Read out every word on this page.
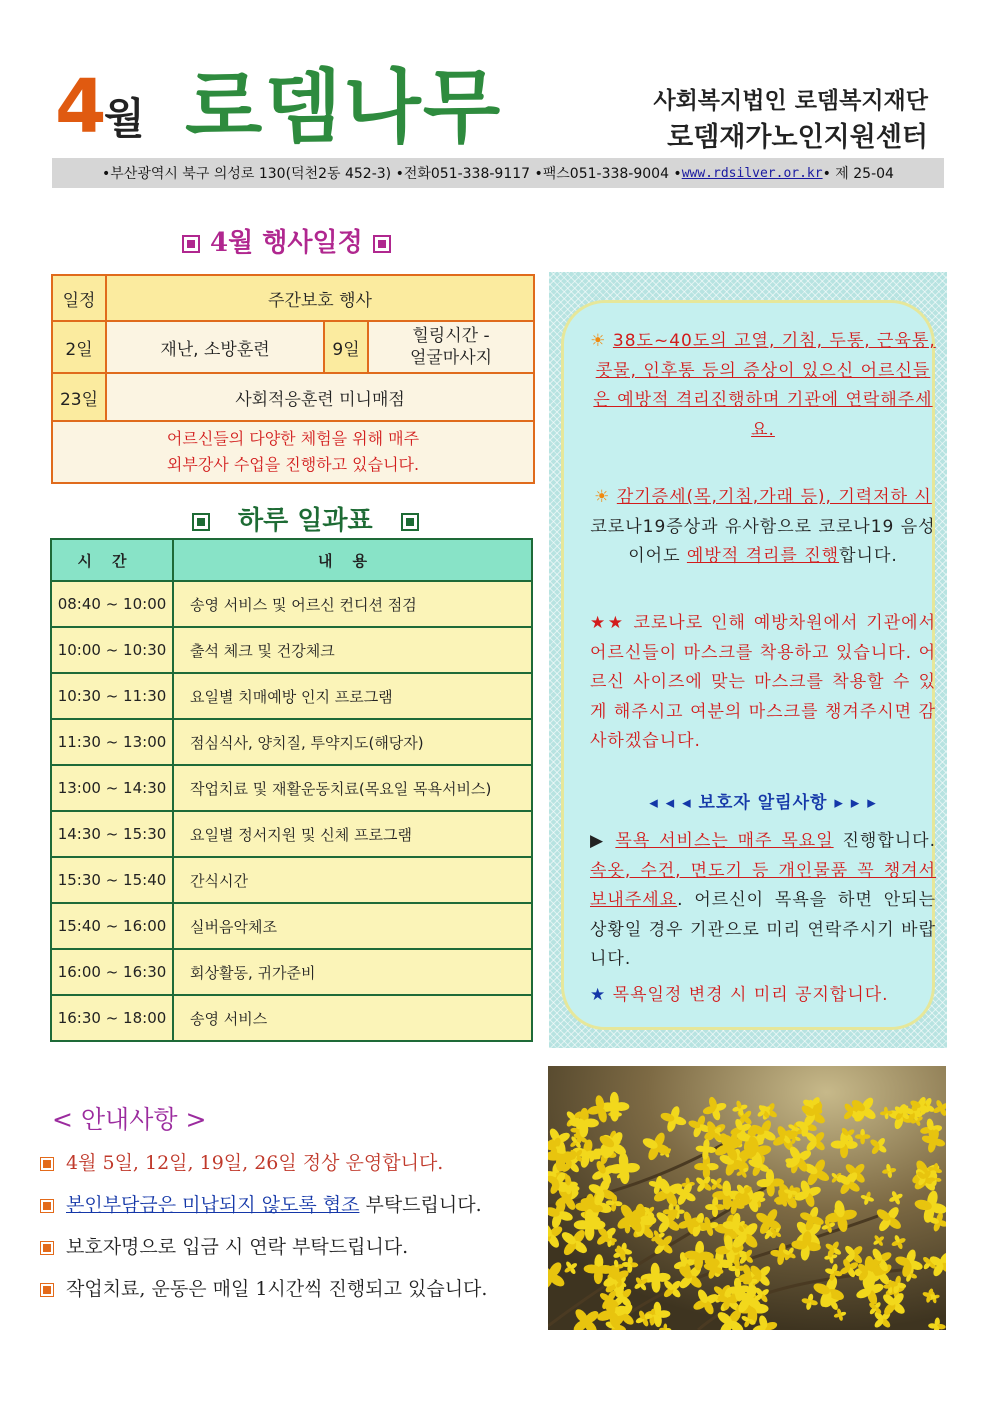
4
월 로뎀나무	사회복지법인 로뎀복지재단
로뎀재가노인지원센터
•부산광역시 북구 의성로 130(덕천2동 452-3) •전화051-338-9117 •팩스051-338-9004 • www.rdsilver.or.kr • 제 25-04
4월 행사일정
일정	주간보호 행사		
2일	재난, 소방훈련	9일	힐링시간 -
얼굴마사지

23일	사회적응훈련 미니매점		

어르신들의 다양한 체험을 위해 매주
외부강사 수업을 진행하고 있습니다.			
하루 일과표
시간	내용
08:40 ~ 10:00	송영 서비스 및 어르신 컨디션 점검
10:00 ~ 10:30	출석 체크 및 건강체크
10:30 ~ 11:30	요일별 치매예방 인지 프로그램
11:30 ~ 13:00	점심식사, 양치질, 투약지도(해당자)
13:00 ~ 14:30	작업치료 및 재활운동치료(목요일 목욕서비스)
14:30 ~ 15:30	요일별 정서지원 및 신체 프로그램
15:30 ~ 15:40	간식시간
15:40 ~ 16:00	실버음악체조
16:00 ~ 16:30	회상활동, 귀가준비
16:30 ~ 18:00	송영 서비스
☀ 38도~40도의 고열, 기침, 두통, 근육통, 콧물, 인후통 등의 증상이 있으신 어르신들은 예방적 격리진행하며 기관에 연락해주세요.
☀ 감기증세(목,기침,가래 등), 기력저하 시 코로나19증상과 유사함으로 코로나19 음성이어도 예방적 격리를 진행합니다.
★★ 코로나로 인해 예방차원에서 기관에서 어르신들이 마스크를 착용하고 있습니다. 어르신 사이즈에 맞는 마스크를 착용할 수 있게 해주시고 여분의 마스크를 챙겨주시면 감사하겠습니다.
◂ ◂ ◂ 보호자 알림사항 ▸ ▸ ▸
▶ 목욕 서비스는 매주 목요일 진행합니다. 속옷, 수건, 면도기 등 개인물품 꼭 챙겨서 보내주세요. 어르신이 목욕을 하면 안되는 상황일 경우 기관으로 미리 연락주시기 바랍니다.
★ 목욕일정 변경 시 미리 공지합니다.
< 안내사항 >
4월 5일, 12일, 19일, 26일 정상 운영합니다.
본인부담금은 미납되지 않도록 협조 부탁드립니다.
보호자명으로 입금 시 연락 부탁드립니다.
작업치료, 운동은 매일 1시간씩 진행되고 있습니다.
